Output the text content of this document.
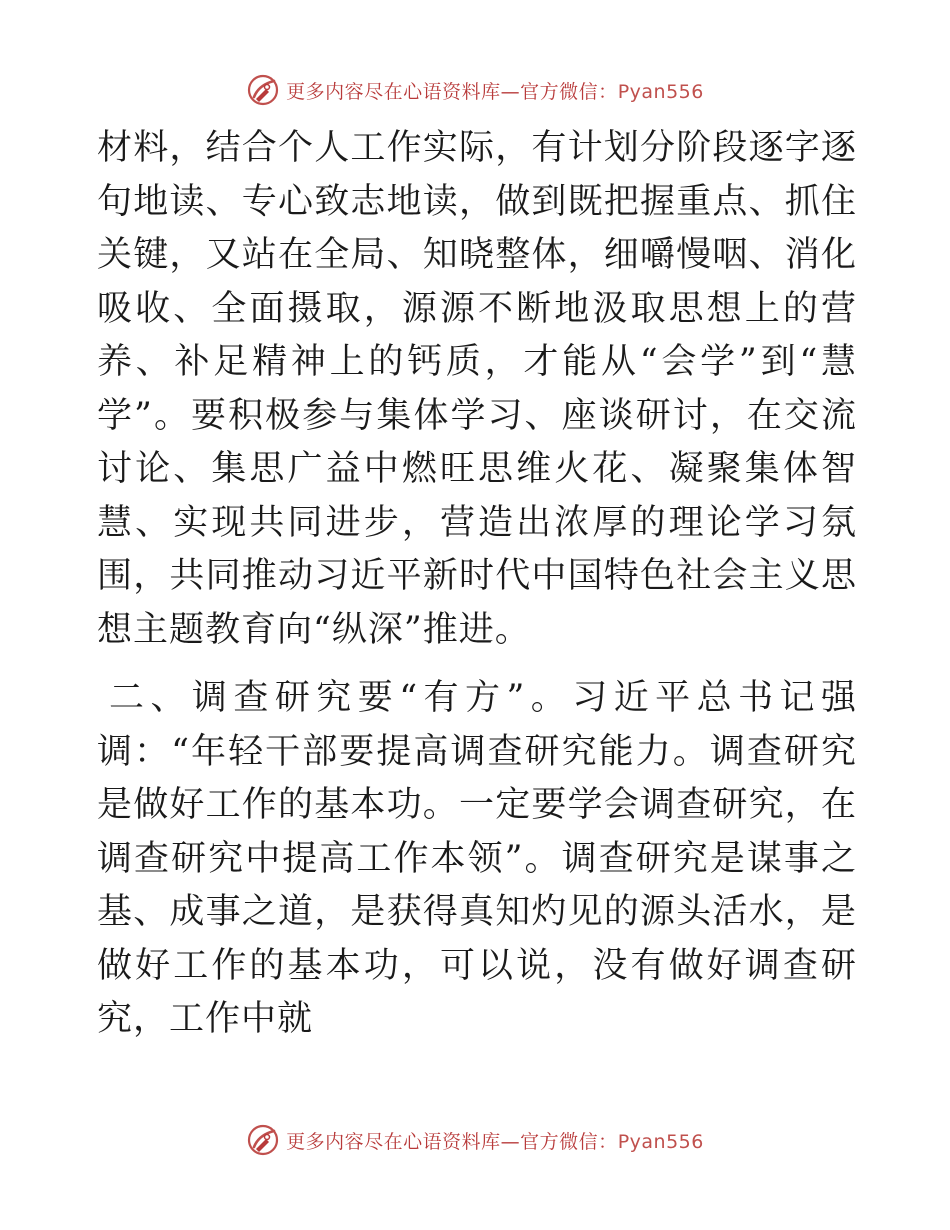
更多内容尽在心语资料库—官方微信：Pyan556

材料，结合个人工作实际，有计划分阶段逐字逐句地读、专心致志地读，做到既把握重点、抓住关键，又站在全局、知晓整体，细嚼慢咽、消化吸收、全面摄取，源源不断地汲取思想上的营养、补足精神上的钙质，才能从“会学”到“慧学”。要积极参与集体学习、座谈研讨，在交流讨论、集思广益中燃旺思维火花、凝聚集体智慧、实现共同进步，营造出浓厚的理论学习氛围，共同推动习近平新时代中国特色社会主义思想主题教育向“纵深”推进。

二、调查研究要“有方”。习近平总书记强调：“年轻干部要提高调查研究能力。调查研究是做好工作的基本功。一定要学会调查研究，在调查研究中提高工作本领”。调查研究是谋事之基、成事之道，是获得真知灼见的源头活水，是做好工作的基本功，可以说，没有做好调查研究，工作中就

更多内容尽在心语资料库—官方微信：Pyan556
